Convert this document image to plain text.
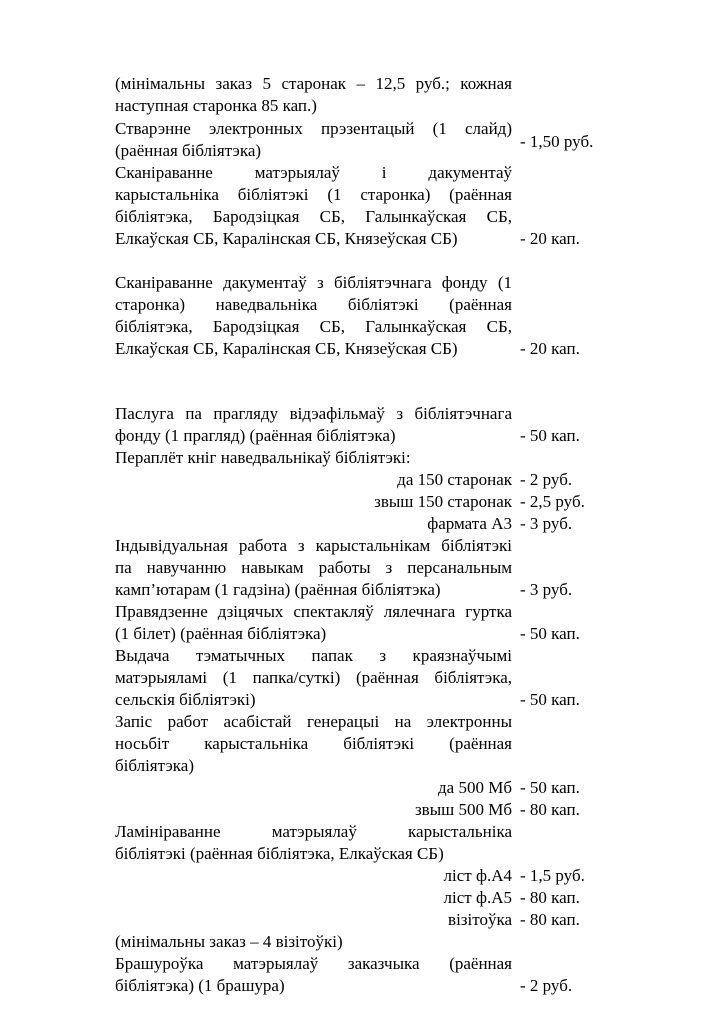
(мінімальны заказ 5 старонак – 12,5 руб.; кожная
наступная старонка 85 кап.)
Стварэнне электронных прэзентацый (1 слайд)
(раённая бібліятэка)	- 1,50 руб.
Сканіраванне матэрыялаў і дакументаў
карыстальніка бібліятэкі (1 старонка) (раённая
бібліятэка, Бародзіцкая СБ, Галынкаўская СБ,
Елкаўская СБ, Каралінская СБ, Князеўская СБ)	- 20 кап.
Сканіраванне дакументаў з бібліятэчнага фонду (1
старонка) наведвальніка бібліятэкі (раённая
бібліятэка, Бародзіцкая СБ, Галынкаўская СБ,
Елкаўская СБ, Каралінская СБ, Князеўская СБ)	- 20 кап.
Паслуга па прагляду відэафільмаў з бібліятэчнага
фонду (1 прагляд) (раённая бібліятэка)	- 50 кап.
Пераплёт кніг наведвальнікаў бібліятэкі:
да 150 старонак - 2 руб.
звыш 150 старонак - 2,5 руб.
фармата А3 - 3 руб.
Індывідуальная работа з карыстальнікам бібліятэкі
па навучанню навыкам работы з персанальным
камп’ютарам (1 гадзіна) (раённая бібліятэка)	- 3 руб.
Правядзенне дзіцячых спектакляў лялечнага гуртка
(1 білет) (раённая бібліятэка)	- 50 кап.
Выдача тэматычных папак з краязнаўчымі
матэрыяламі (1 папка/суткі) (раённая бібліятэка,
сельскія бібліятэкі)	- 50 кап.
Запіс работ асабістай генерацыі на электронны
носьбіт карыстальніка бібліятэкі (раённая
бібліятэка)
да 500 Мб - 50 кап.
звыш 500 Мб - 80 кап.
Ламініраванне матэрыялаў карыстальніка
бібліятэкі (раённая бібліятэка, Елкаўская СБ)
ліст ф.А4 - 1,5 руб.
ліст ф.А5 - 80 кап.
візітоўка - 80 кап.
(мінімальны заказ – 4 візітоўкі)
Брашуроўка матэрыялаў заказчыка (раённая
бібліятэка) (1 брашура)	- 2 руб.
